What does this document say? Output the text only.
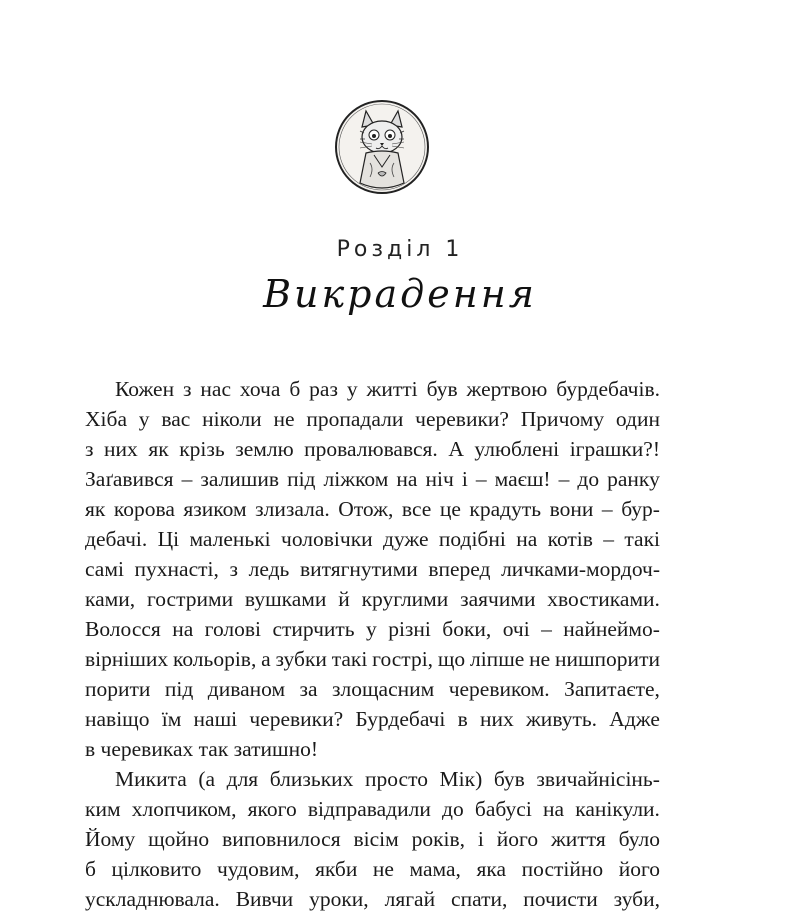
Розділ 1
Викрадення
Кожен з нас хоча б раз у житті був жертвою бурдебачів.
Хіба у вас ніколи не пропадали черевики? Причому один
з них як крізь землю провалювався. А улюблені іграшки?!
Заґавився – залишив під ліжком на ніч і – маєш! – до ранку
як корова язиком злизала. Отож, все це крадуть вони – бур-
дебачі. Ці маленькі чоловічки дуже подібні на котів – такі
самі пухнасті, з ледь витягнутими вперед личками-мордоч-
ками, гострими вушками й круглими заячими хвостиками.
Волосся на голові стирчить у різні боки, очі – найнеймо-
вірніших кольорів, а зубки такі гострі, що ліпше не нишпорити
порити під диваном за злощасним черевиком. Запитаєте,
навіщо їм наші черевики? Бурдебачі в них живуть. Адже
в черевиках так затишно!
Микита (а для близьких просто Мік) був звичайнісінь-
ким хлопчиком, якого відправадили до бабусі на канікули.
Йому щойно виповнилося вісім років, і його життя було
б цілковито чудовим, якби не мама, яка постійно його
ускладнювала. Вивчи уроки, лягай спати, почисти зуби,
